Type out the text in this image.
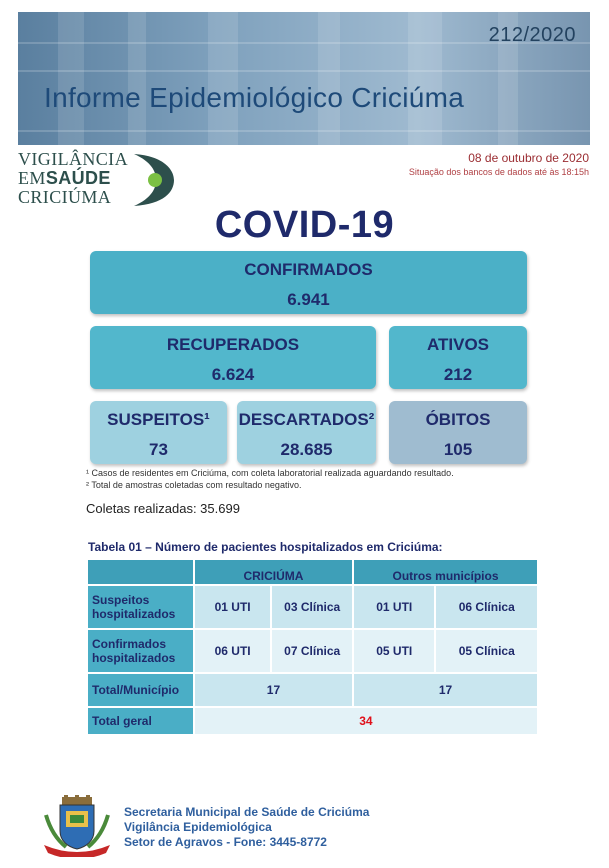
212/2020
Informe Epidemiológico Criciúma
VIGILÂNCIA
EMSAÚDE
CRICIÚMA
08 de outubro de 2020
Situação dos bancos de dados até às 18:15h
COVID-19
CONFIRMADOS
6.941
RECUPERADOS
6.624
ATIVOS
212
SUSPEITOS¹
73
DESCARTADOS²
28.685
ÓBITOS
105
¹ Casos de residentes em Criciúma, com coleta laboratorial realizada aguardando resultado.
² Total de amostras coletadas com resultado negativo.
Coletas realizadas: 35.699
Tabela 01 – Número de pacientes hospitalizados em Criciúma:
	CRICIÚMA		Outros municípios	
Suspeitos hospitalizados	01 UTI	03 Clínica	01 UTI	06 Clínica
Confirmados hospitalizados	06 UTI	07 Clínica	05 UTI	05 Clínica
Total/Município	17		17	
Total geral	34			
Secretaria Municipal de Saúde de Criciúma
Vigilância Epidemiológica
Setor de Agravos - Fone: 3445-8772
